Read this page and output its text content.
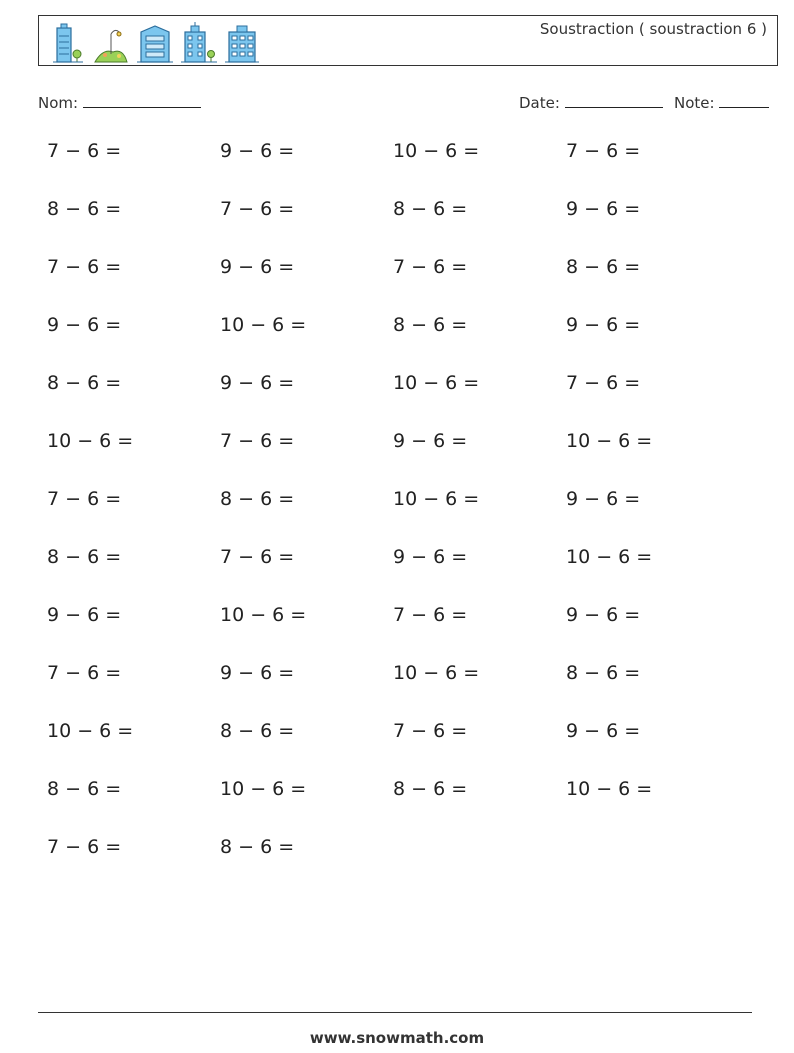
Soustraction ( soustraction 6 )
Nom:	Date:	Note:
7 − 6 =	9 − 6 =	10 − 6 =	7 − 6 =
8 − 6 =	7 − 6 =	8 − 6 =	9 − 6 =
7 − 6 =	9 − 6 =	7 − 6 =	8 − 6 =
9 − 6 =	10 − 6 =	8 − 6 =	9 − 6 =
8 − 6 =	9 − 6 =	10 − 6 =	7 − 6 =
10 − 6 =	7 − 6 =	9 − 6 =	10 − 6 =
7 − 6 =	8 − 6 =	10 − 6 =	9 − 6 =
8 − 6 =	7 − 6 =	9 − 6 =	10 − 6 =
9 − 6 =	10 − 6 =	7 − 6 =	9 − 6 =
7 − 6 =	9 − 6 =	10 − 6 =	8 − 6 =
10 − 6 =	8 − 6 =	7 − 6 =	9 − 6 =
8 − 6 =	10 − 6 =	8 − 6 =	10 − 6 =
7 − 6 =	8 − 6 =
www.snowmath.com
